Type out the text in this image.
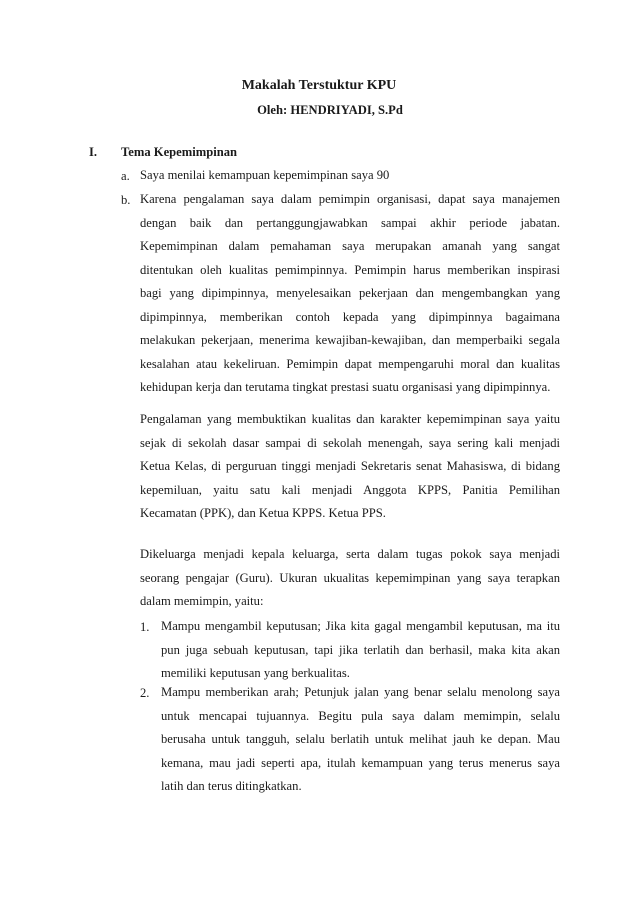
Makalah Terstuktur KPU
Oleh: HENDRIYADI, S.Pd
I. Tema Kepemimpinan
a. Saya menilai kemampuan kepemimpinan saya 90
b. Karena pengalaman saya dalam pemimpin organisasi, dapat saya manajemen
dengan baik dan pertanggungjawabkan sampai akhir periode jabatan.
Kepemimpinan dalam pemahaman saya merupakan amanah yang sangat
ditentukan oleh kualitas pemimpinnya. Pemimpin harus memberikan inspirasi
bagi yang dipimpinnya, menyelesaikan pekerjaan dan mengembangkan yang
dipimpinnya, memberikan contoh kepada yang dipimpinnya bagaimana
melakukan pekerjaan, menerima kewajiban-kewajiban, dan memperbaiki segala
kesalahan atau kekeliruan. Pemimpin dapat mempengaruhi moral dan kualitas
kehidupan kerja dan terutama tingkat prestasi suatu organisasi yang dipimpinnya.
Pengalaman yang membuktikan kualitas dan karakter kepemimpinan saya yaitu
sejak di sekolah dasar sampai di sekolah menengah, saya sering kali menjadi
Ketua Kelas, di perguruan tinggi menjadi Sekretaris senat Mahasiswa, di bidang
kepemiluan, yaitu satu kali menjadi Anggota KPPS, Panitia Pemilihan
Kecamatan (PPK), dan Ketua KPPS. Ketua PPS.
Dikeluarga menjadi kepala keluarga, serta dalam tugas pokok saya menjadi
seorang pengajar (Guru). Ukuran ukualitas kepemimpinan yang saya terapkan
dalam memimpin, yaitu:
1. Mampu mengambil keputusan; Jika kita gagal mengambil keputusan, ma itu
pun juga sebuah keputusan, tapi jika terlatih dan berhasil, maka kita akan
memiliki keputusan yang berkualitas.
2. Mampu memberikan arah; Petunjuk jalan yang benar selalu menolong saya
untuk mencapai tujuannya. Begitu pula saya dalam memimpin, selalu
berusaha untuk tangguh, selalu berlatih untuk melihat jauh ke depan. Mau
kemana, mau jadi seperti apa, itulah kemampuan yang terus menerus saya
latih dan terus ditingkatkan.
